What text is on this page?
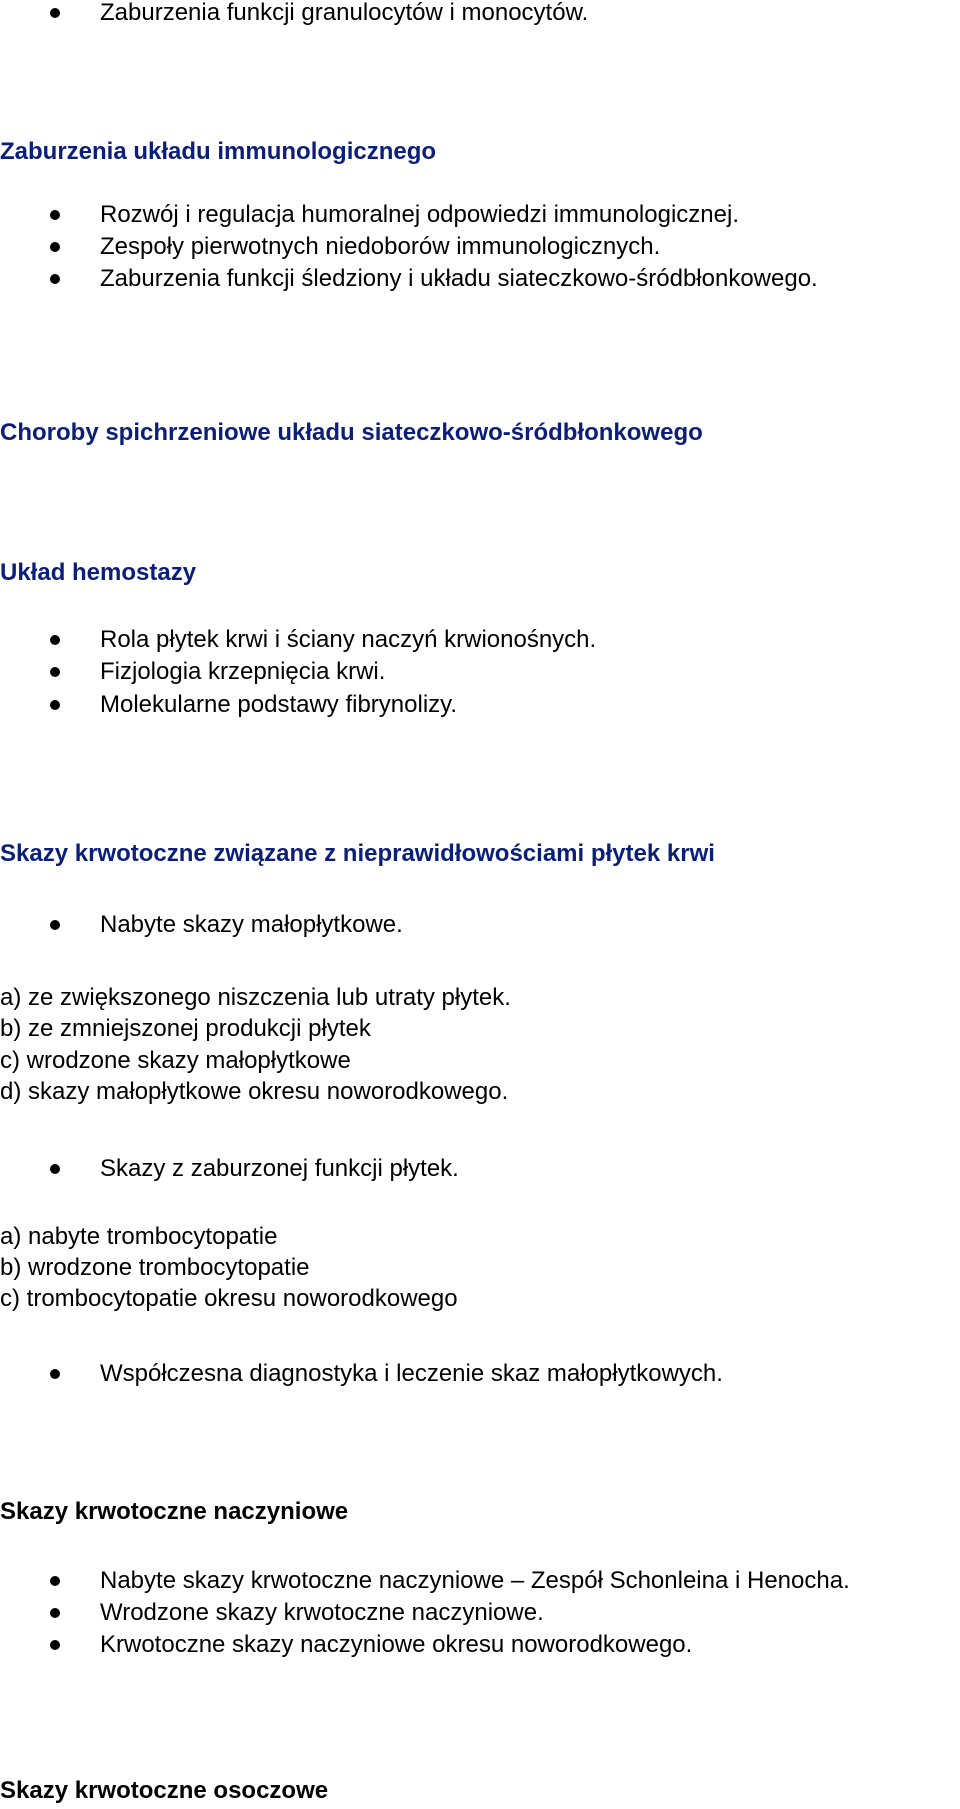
Zaburzenia funkcji granulocytów i monocytów.
Zaburzenia układu immunologicznego
Rozwój i regulacja humoralnej odpowiedzi immunologicznej.
Zespoły pierwotnych niedoborów immunologicznych.
Zaburzenia funkcji śledziony i układu siateczkowo-śródbłonkowego.
Choroby spichrzeniowe układu siateczkowo-śródbłonkowego
Układ hemostazy
Rola płytek krwi i ściany naczyń krwionośnych.
Fizjologia krzepnięcia krwi.
Molekularne podstawy fibrynolizy.
Skazy krwotoczne związane z nieprawidłowościami płytek krwi
Nabyte skazy małopłytkowe.
a) ze zwiększonego niszczenia lub utraty płytek.
b) ze zmniejszonej produkcji płytek
c) wrodzone skazy małopłytkowe
d) skazy małopłytkowe okresu noworodkowego.
Skazy z zaburzonej funkcji płytek.
a) nabyte trombocytopatie
b) wrodzone trombocytopatie
c) trombocytopatie okresu noworodkowego
Współczesna diagnostyka i leczenie skaz małopłytkowych.
Skazy krwotoczne naczyniowe
Nabyte skazy krwotoczne naczyniowe – Zespół Schonleina i Henocha.
Wrodzone skazy krwotoczne naczyniowe.
Krwotoczne skazy naczyniowe okresu noworodkowego.
Skazy krwotoczne osoczowe
